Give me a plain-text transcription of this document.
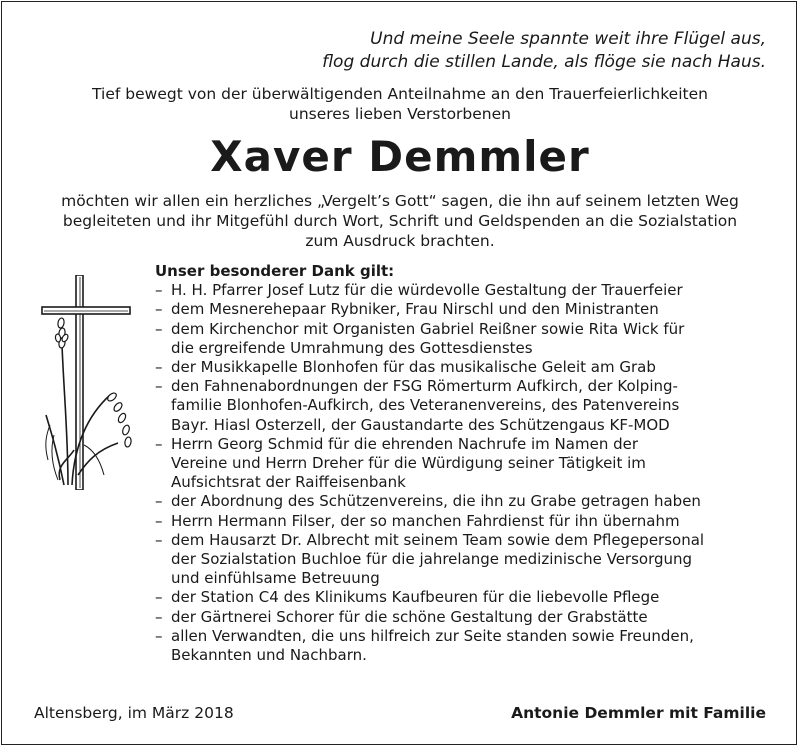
Und meine Seele spannte weit ihre Flügel aus,
flog durch die stillen Lande, als flöge sie nach Haus.
Tief bewegt von der überwältigenden Anteilnahme an den Trauerfeierlichkeiten
unseres lieben Verstorbenen
Xaver Demmler
möchten wir allen ein herzliches „Vergelt’s Gott“ sagen, die ihn auf seinem letzten Weg
begleiteten und ihr Mitgefühl durch Wort, Schrift und Geldspenden an die Sozialstation
zum Ausdruck brachten.
Unser besonderer Dank gilt:
– H. H. Pfarrer Josef Lutz für die würdevolle Gestaltung der Trauerfeier
– dem Mesnerehepaar Rybniker, Frau Nirschl und den Ministranten
– dem Kirchenchor mit Organisten Gabriel Reißner sowie Rita Wick für
die ergreifende Umrahmung des Gottesdienstes
– der Musikkapelle Blonhofen für das musikalische Geleit am Grab
– den Fahnenabordnungen der FSG Römerturm Aufkirch, der Kolping-
familie Blonhofen-Aufkirch, des Veteranenvereins, des Patenvereins
Bayr. Hiasl Osterzell, der Gaustandarte des Schützengaus KF-MOD
– Herrn Georg Schmid für die ehrenden Nachrufe im Namen der
Vereine und Herrn Dreher für die Würdigung seiner Tätigkeit im
Aufsichtsrat der Raiffeisenbank
– der Abordnung des Schützenvereins, die ihn zu Grabe getragen haben
– Herrn Hermann Filser, der so manchen Fahrdienst für ihn übernahm
– dem Hausarzt Dr. Albrecht mit seinem Team sowie dem Pflegepersonal
der Sozialstation Buchloe für die jahrelange medizinische Versorgung
und einfühlsame Betreuung
– der Station C4 des Klinikums Kaufbeuren für die liebevolle Pflege
– der Gärtnerei Schorer für die schöne Gestaltung der Grabstätte
– allen Verwandten, die uns hilfreich zur Seite standen sowie Freunden,
Bekannten und Nachbarn.
Altensberg, im März 2018	Antonie Demmler mit Familie
